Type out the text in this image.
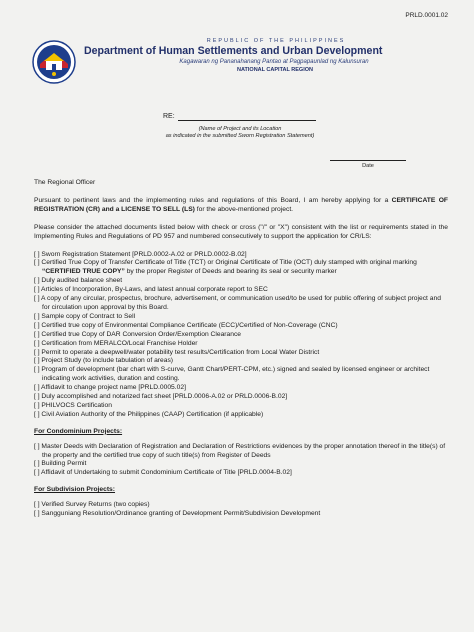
PRLD.0001.02
REPUBLIC OF THE PHILIPPINES
Department of Human Settlements and Urban Development
Kagawaran ng Pananahanang Pantao at Pagpapaunlad ng Kalunsuran
NATIONAL CAPITAL REGION
RE:
(Name of Project and its Location
as indicated in the submitted Sworn Registration Statement)
Date
The Regional Officer
Pursuant to pertinent laws and the implementing rules and regulations of this Board, I am hereby applying for a CERTIFICATE OF REGISTRATION (CR) and a LICENSE TO SELL (LS) for the above-mentioned project.
Please consider the attached documents listed below with check or cross ("/" or "X") consistent with the list or requirements stated in the Implementing Rules and Regulations of PD 957 and numbered consecutively to support the application for CR/LS:
[ ] Sworn Registration Statement [PRLD.0002-A.02 or PRLD.0002-B.02]
[ ] Certified True Copy of Transfer Certificate of Title (TCT) or Original Certificate of Title (OCT) duly stamped with original marking “CERTIFIED TRUE COPY” by the proper Register of Deeds and bearing its seal or security marker
[ ] Duly audited balance sheet
[ ] Articles of Incorporation, By-Laws, and latest annual corporate report to SEC
[ ] A copy of any circular, prospectus, brochure, advertisement, or communication used/to be used for public offering of subject project and for circulation upon approval by this Board.
[ ] Sample copy of Contract to Sell
[ ] Certified true copy of Environmental Compliance Certificate (ECC)/Certified of Non-Coverage (CNC)
[ ] Certified true Copy of DAR Conversion Order/Exemption Clearance
[ ] Certification from MERALCO/Local Franchise Holder
[ ] Permit to operate a deepwell/water potability test results/Certification from Local Water District
[ ] Project Study (to include tabulation of areas)
[ ] Program of development (bar chart with S-curve, Gantt Chart/PERT-CPM, etc.) signed and sealed by licensed engineer or architect indicating work activities, duration and costing.
[ ] Affidavit to change project name [PRLD.0005.02]
[ ] Duly accomplished and notarized fact sheet [PRLD.0006-A.02 or PRLD.0006-B.02]
[ ] PHILVOCS Certification
[ ] Civil Aviation Authority of the Philippines (CAAP) Certification (if applicable)
For Condominium Projects:
[ ] Master Deeds with Declaration of Registration and Declaration of Restrictions evidences by the proper annotation thereof in the title(s) of the property and the certified true copy of such title(s) from Register of Deeds
[ ] Building Permit
[ ] Affidavit of Undertaking to submit Condominium Certificate of Title [PRLD.0004-B.02]
For Subdivision Projects:
[ ] Verified Survey Returns (two copies)
[ ] Sangguniang Resolution/Ordinance granting of Development Permit/Subdivision Development
